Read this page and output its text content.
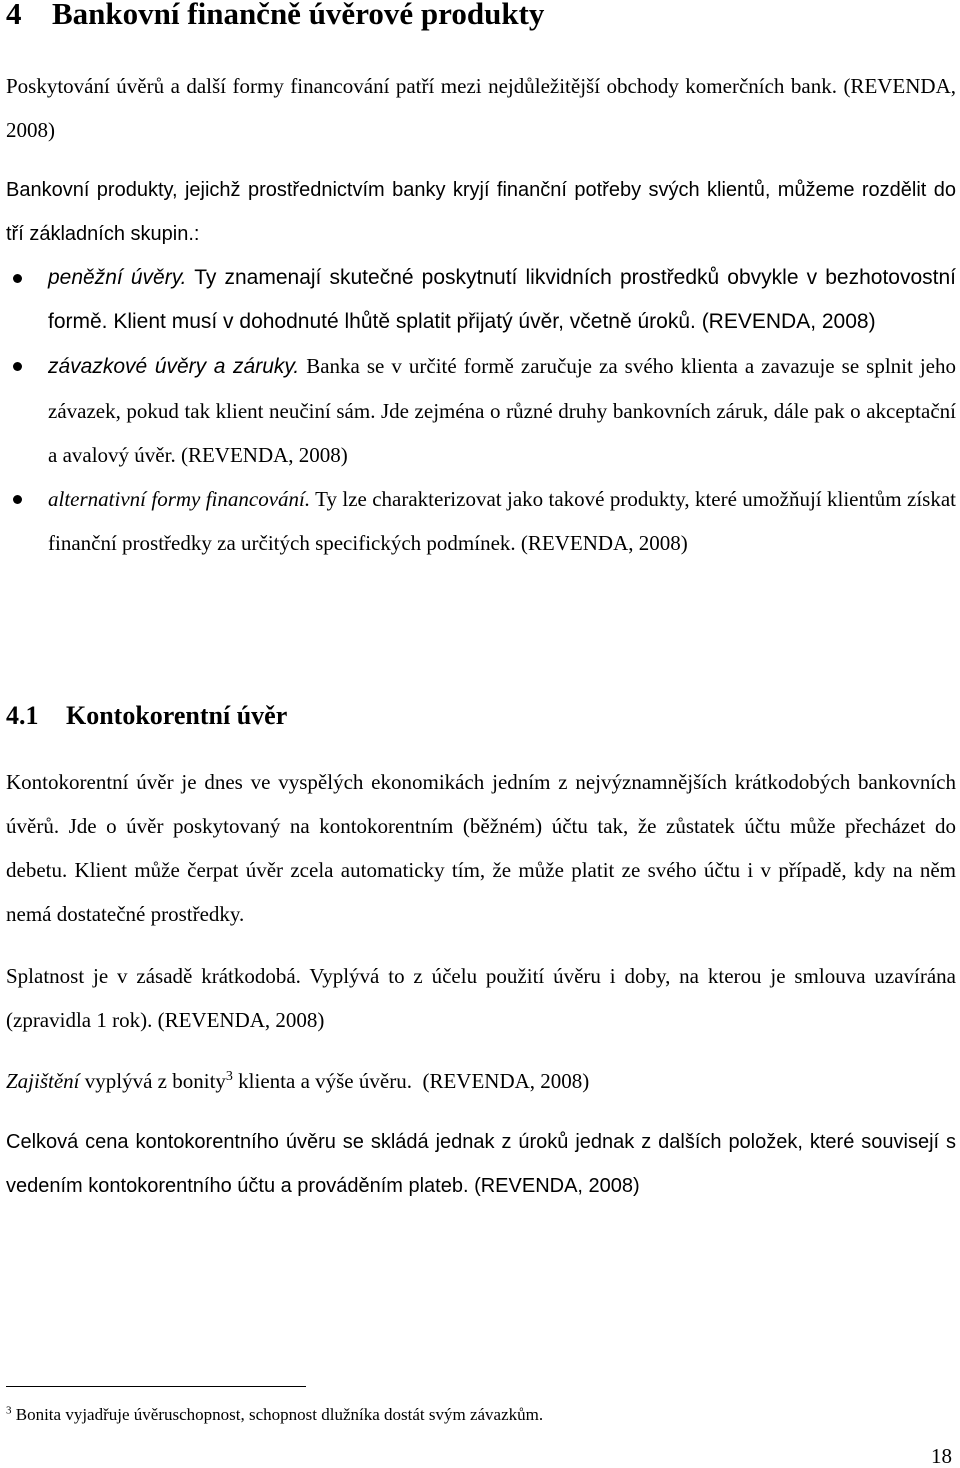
4 Bankovní finančně úvěrové produkty

Poskytování úvěrů a další formy financování patří mezi nejdůležitější obchody komerčních bank. (REVENDA, 2008)

Bankovní produkty, jejichž prostřednictvím banky kryjí finanční potřeby svých klientů, můžeme rozdělit do tří základních skupin.:

peněžní úvěry. Ty znamenají skutečné poskytnutí likvidních prostředků obvykle v bezhotovostní formě. Klient musí v dohodnuté lhůtě splatit přijatý úvěr, včetně úroků. (REVENDA, 2008)
závazkové úvěry a záruky. Banka se v určité formě zaručuje za svého klienta a zavazuje se splnit jeho závazek, pokud tak klient neučiní sám. Jde zejména o různé druhy bankovních záruk, dále pak o akceptační a avalový úvěr. (REVENDA, 2008)
alternativní formy financování. Ty lze charakterizovat jako takové produkty, které umožňují klientům získat finanční prostředky za určitých specifických podmínek. (REVENDA, 2008)
4.1 Kontokorentní úvěr

Kontokorentní úvěr je dnes ve vyspělých ekonomikách jedním z nejvýznamnějších krátkodobých bankovních úvěrů. Jde o úvěr poskytovaný na kontokorentním (běžném) účtu tak, že zůstatek účtu může přecházet do debetu. Klient může čerpat úvěr zcela automaticky tím, že může platit ze svého účtu i v případě, kdy na něm nemá dostatečné prostředky.

Splatnost je v zásadě krátkodobá. Vyplývá to z účelu použití úvěru i doby, na kterou je smlouva uzavírána (zpravidla 1 rok). (REVENDA, 2008)

Zajištění vyplývá z bonity$^3$ klienta a výše úvěru. (REVENDA, 2008)

Celková cena kontokorentního úvěru se skládá jednak z úroků jednak z dalších položek, které souvisejí s vedením kontokorentního účtu a prováděním plateb. (REVENDA, 2008)

$^3$ Bonita vyjadřuje úvěruschopnost, schopnost dlužníka dostát svým závazkům.

18
